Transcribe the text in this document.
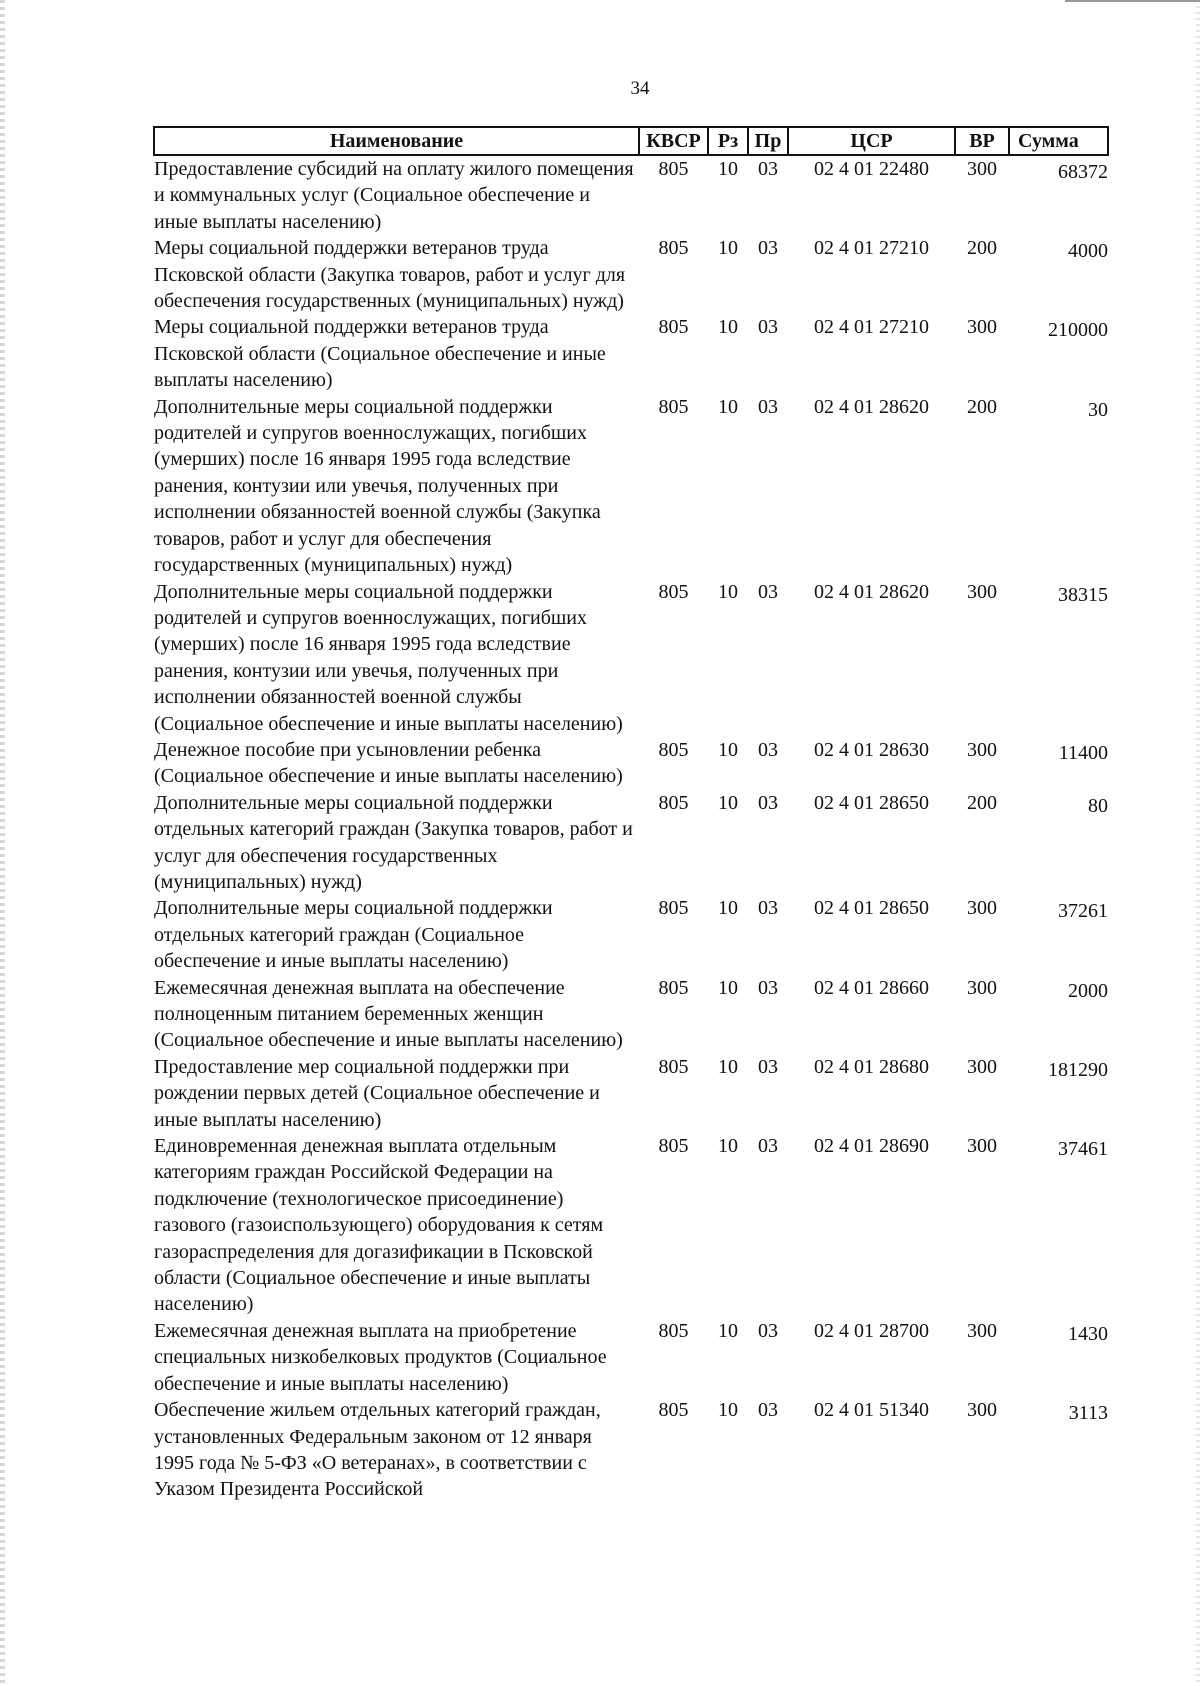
34
Наименование	КВСР	Рз	Пр	ЦСР	ВР	Сумма
Предоставление субсидий на оплату жилого помещения и коммунальных услуг (Социальное обеспечение и иные выплаты населению)	805	10	03	02 4 01 22480	300	68372
Меры социальной поддержки ветеранов труда Псковской области (Закупка товаров, работ и услуг для обеспечения государственных (муниципальных) нужд)	805	10	03	02 4 01 27210	200	4000
Меры социальной поддержки ветеранов труда Псковской области (Социальное обеспечение и иные выплаты населению)	805	10	03	02 4 01 27210	300	210000
Дополнительные меры социальной поддержки родителей и супругов военнослужащих, погибших (умерших) после 16 января 1995 года вследствие ранения, контузии или увечья, полученных при исполнении обязанностей военной службы (Закупка товаров, работ и услуг для обеспечения государственных (муниципальных) нужд)	805	10	03	02 4 01 28620	200	30
Дополнительные меры социальной поддержки родителей и супругов военнослужащих, погибших (умерших) после 16 января 1995 года вследствие ранения, контузии или увечья, полученных при исполнении обязанностей военной службы (Социальное обеспечение и иные выплаты населению)	805	10	03	02 4 01 28620	300	38315
Денежное пособие при усыновлении ребенка (Социальное обеспечение и иные выплаты населению)	805	10	03	02 4 01 28630	300	11400
Дополнительные меры социальной поддержки отдельных категорий граждан (Закупка товаров, работ и услуг для обеспечения государственных (муниципальных) нужд)	805	10	03	02 4 01 28650	200	80
Дополнительные меры социальной поддержки отдельных категорий граждан (Социальное обеспечение и иные выплаты населению)	805	10	03	02 4 01 28650	300	37261
Ежемесячная денежная выплата на обеспечение полноценным питанием беременных женщин (Социальное обеспечение и иные выплаты населению)	805	10	03	02 4 01 28660	300	2000
Предоставление мер социальной поддержки при рождении первых детей (Социальное обеспечение и иные выплаты населению)	805	10	03	02 4 01 28680	300	181290
Единовременная денежная выплата отдельным категориям граждан Российской Федерации на подключение (технологическое присоединение) газового (газоиспользующего) оборудования к сетям газораспределения для догазификации в Псковской области (Социальное обеспечение и иные выплаты населению)	805	10	03	02 4 01 28690	300	37461
Ежемесячная денежная выплата на приобретение специальных низкобелковых продуктов (Социальное обеспечение и иные выплаты населению)	805	10	03	02 4 01 28700	300	1430
Обеспечение жильем отдельных категорий граждан, установленных Федеральным законом от 12 января 1995 года № 5-ФЗ «О ветеранах», в соответствии с Указом Президента Российской	805	10	03	02 4 01 51340	300	3113
